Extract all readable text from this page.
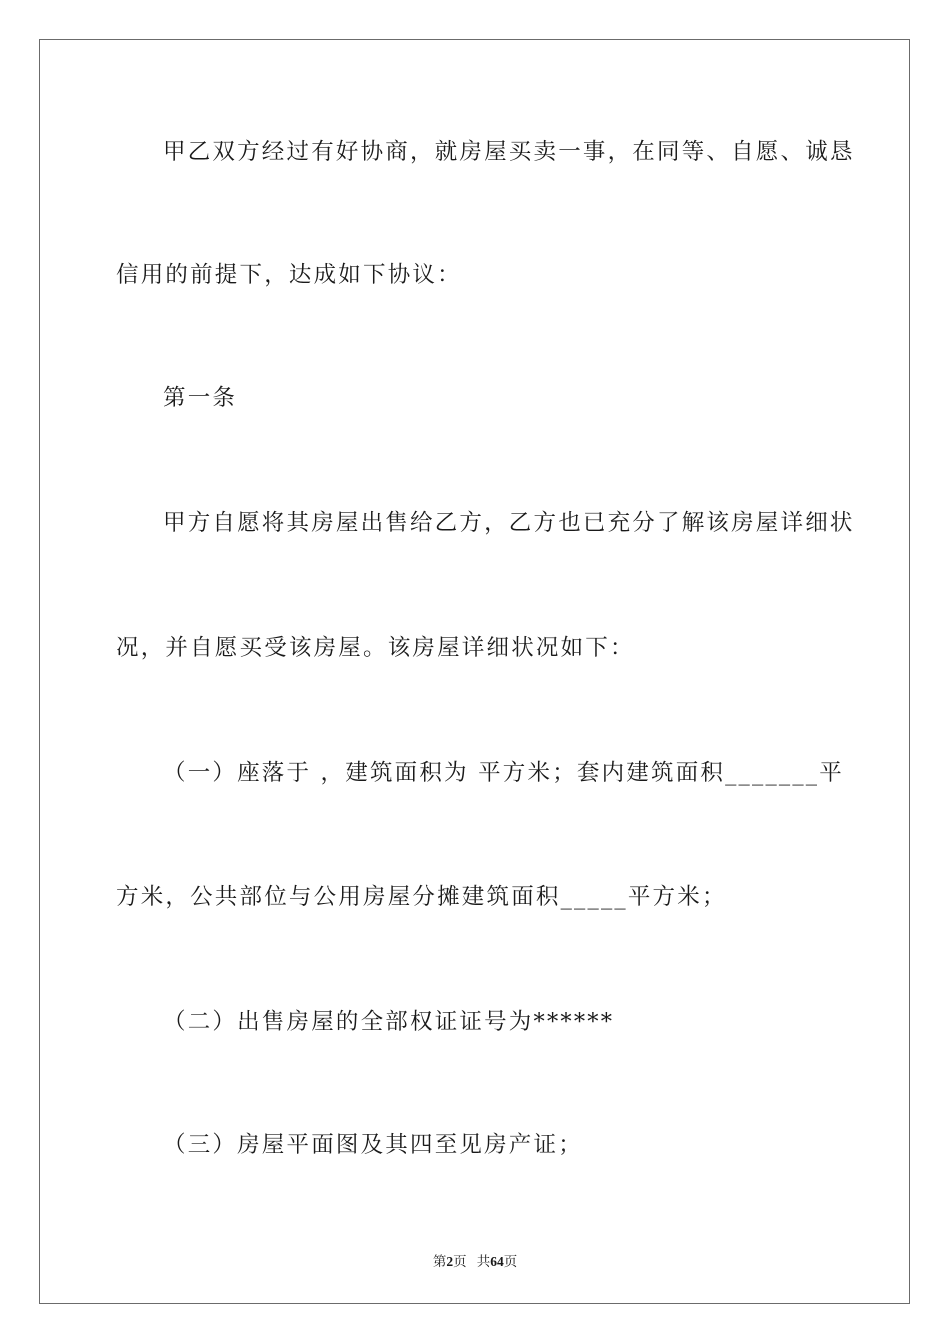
甲乙双方经过有好协商，就房屋买卖一事，在同等、自愿、诚恳
信用的前提下，达成如下协议：
第一条
甲方自愿将其房屋出售给乙方，乙方也已充分了解该房屋详细状
况，并自愿买受该房屋。该房屋详细状况如下：
（一）座落于 ，建筑面积为 平方米；套内建筑面积_______平
方米，公共部位与公用房屋分摊建筑面积_____平方米；
（二）出售房屋的全部权证证号为******
（三）房屋平面图及其四至见房产证；
第2页 共64页
